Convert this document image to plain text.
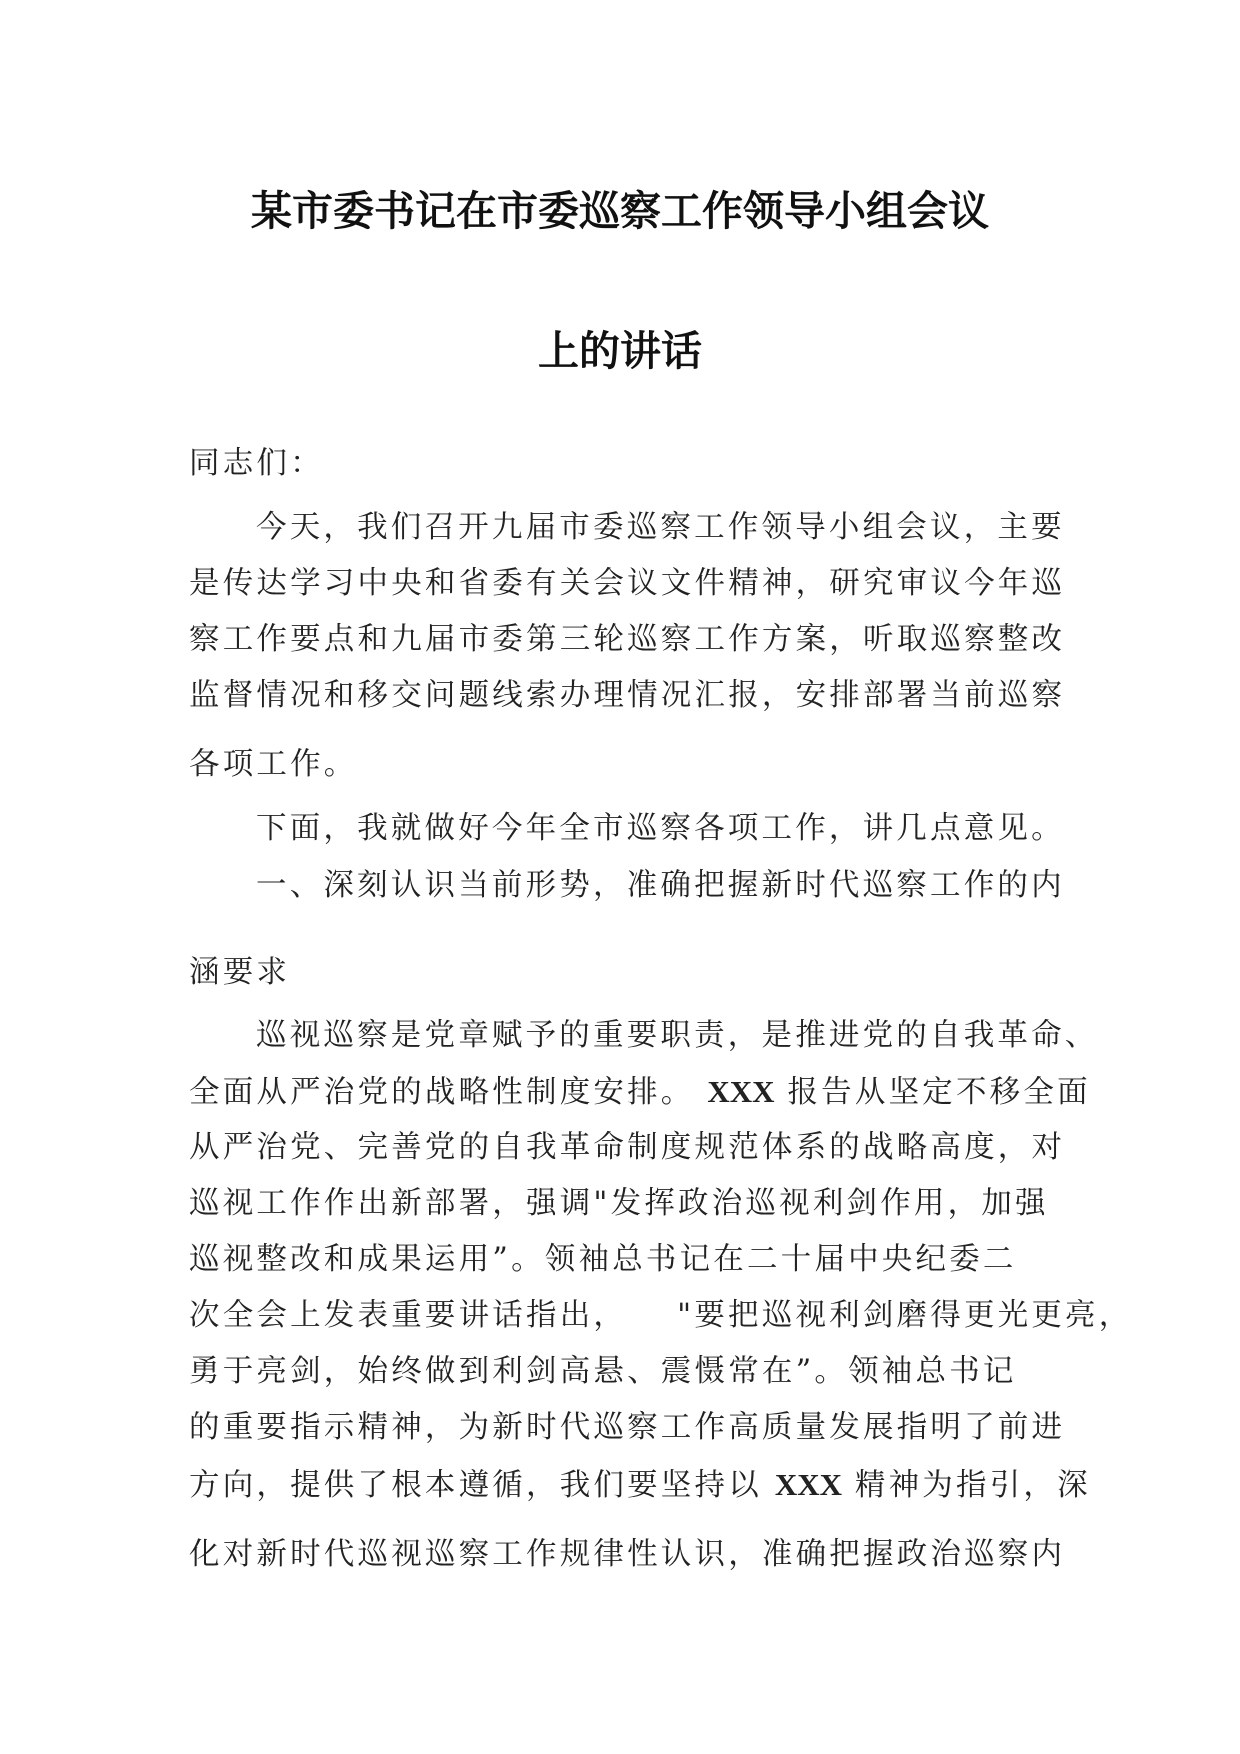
某市委书记在市委巡察工作领导小组会议
上的讲话
同志们：
今天，我们召开九届市委巡察工作领导小组会议，主要
是传达学习中央和省委有关会议文件精神，研究审议今年巡
察工作要点和九届市委第三轮巡察工作方案，听取巡察整改
监督情况和移交问题线索办理情况汇报，安排部署当前巡察
各项工作。
下面，我就做好今年全市巡察各项工作，讲几点意见。
一、深刻认识当前形势，准确把握新时代巡察工作的内
涵要求
巡视巡察是党章赋予的重要职责，是推进党的自我革命、
全面从严治党的战略性制度安排。 XXX 报告从坚定不移全面
从严治党、完善党的自我革命制度规范体系的战略高度，对
巡视工作作出新部署，强调"发挥政治巡视利剑作用，加强
巡视整改和成果运用”。领袖总书记在二十届中央纪委二
次全会上发表重要讲话指出， "要把巡视利剑磨得更光更亮，
勇于亮剑，始终做到利剑高悬、震慑常在”。领袖总书记
的重要指示精神，为新时代巡察工作高质量发展指明了前进
方向，提供了根本遵循，我们要坚持以 XXX 精神为指引，深
化对新时代巡视巡察工作规律性认识，准确把握政治巡察内
